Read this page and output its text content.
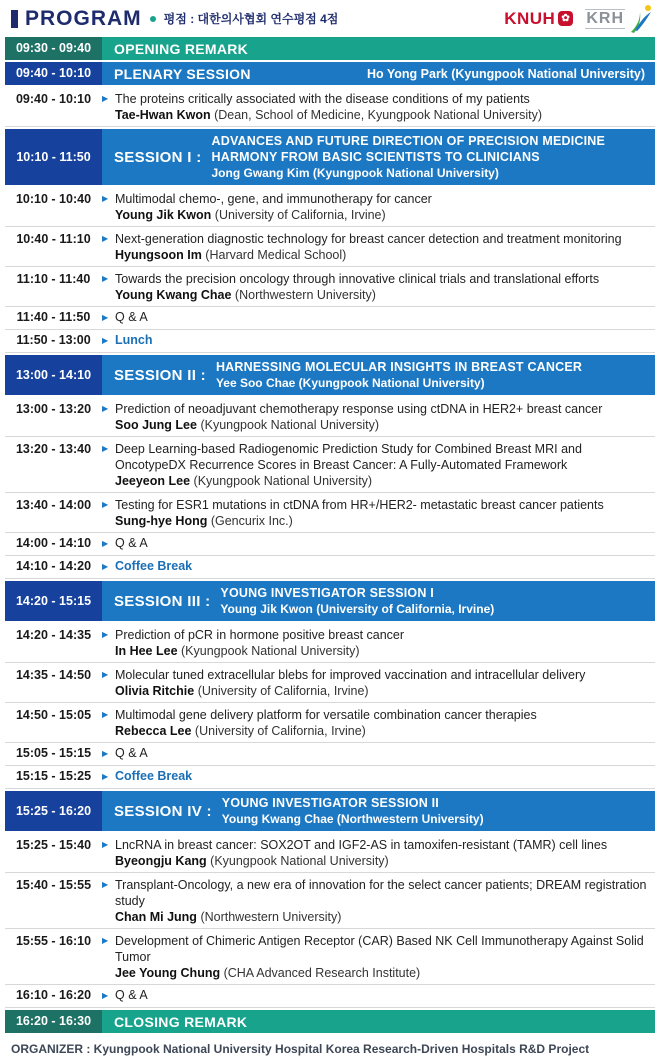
PROGRAM 평점 : 대한의사협회 연수평점 4점	KNUH ✿ KRH
09:30 - 09:40	OPENING REMARK
09:40 - 10:10	PLENARY SESSION	Ho Yong Park (Kyungpook National University)
09:40 - 10:10	▶ The proteins critically associated with the disease conditions of my patients
Tae-Hwan Kwon (Dean, School of Medicine, Kyungpook National University)
10:10 - 11:50	SESSION I :
ADVANCES AND FUTURE DIRECTION OF PRECISION MEDICINE
HARMONY FROM BASIC SCIENTISTS TO CLINICIANS
Jong Gwang Kim (Kyungpook National University)
10:10 - 10:40	▶ Multimodal chemo-, gene, and immunotherapy for cancer
Young Jik Kwon (University of California, Irvine)
10:40 - 11:10	▶ Next-generation diagnostic technology for breast cancer detection and treatment monitoring
Hyungsoon Im (Harvard Medical School)
11:10 - 11:40	▶ Towards the precision oncology through innovative clinical trials and translational efforts
Young Kwang Chae (Northwestern University)
11:40 - 11:50	▶ Q & A
11:50 - 13:00	▶ Lunch
13:00 - 14:10	SESSION II : HARNESSING MOLECULAR INSIGHTS IN BREAST CANCER
Yee Soo Chae (Kyungpook National University)
13:00 - 13:20	▶ Prediction of neoadjuvant chemotherapy response using ctDNA in HER2+ breast cancer
Soo Jung Lee (Kyungpook National University)
13:20 - 13:40	▶ Deep Learning-based Radiogenomic Prediction Study for Combined Breast MRI and OncotypeDX Recurrence Scores in Breast Cancer: A Fully-Automated Framework
Jeeyeon Lee (Kyungpook National University)
13:40 - 14:00	▶ Testing for ESR1 mutations in ctDNA from HR+/HER2- metastatic breast cancer patients
Sung-hye Hong (Gencurix Inc.)
14:00 - 14:10	▶ Q & A
14:10 - 14:20	▶ Coffee Break
14:20 - 15:15	SESSION III : YOUNG INVESTIGATOR SESSION I
Young Jik Kwon (University of California, Irvine)
14:20 - 14:35	▶ Prediction of pCR in hormone positive breast cancer
In Hee Lee (Kyungpook National University)
14:35 - 14:50	▶ Molecular tuned extracellular blebs for improved vaccination and intracellular delivery
Olivia Ritchie (University of California, Irvine)
14:50 - 15:05	▶ Multimodal gene delivery platform for versatile combination cancer therapies
Rebecca Lee (University of California, Irvine)
15:05 - 15:15	▶ Q & A
15:15 - 15:25	▶ Coffee Break
15:25 - 16:20	SESSION IV : YOUNG INVESTIGATOR SESSION II
Young Kwang Chae (Northwestern University)
15:25 - 15:40	▶ LncRNA in breast cancer: SOX2OT and IGF2-AS in tamoxifen-resistant (TAMR) cell lines
Byeongju Kang (Kyungpook National University)
15:40 - 15:55	▶ Transplant-Oncology, a new era of innovation for the select cancer patients; DREAM registration study
Chan Mi Jung (Northwestern University)
15:55 - 16:10	▶ Development of Chimeric Antigen Receptor (CAR) Based NK Cell Immunotherapy Against Solid Tumor
Jee Young Chung (CHA Advanced Research Institute)
16:10 - 16:20	▶ Q & A
16:20 - 16:30	CLOSING REMARK

ORGANIZER : Kyungpook National University Hospital Korea Research-Driven Hospitals R&D Project
